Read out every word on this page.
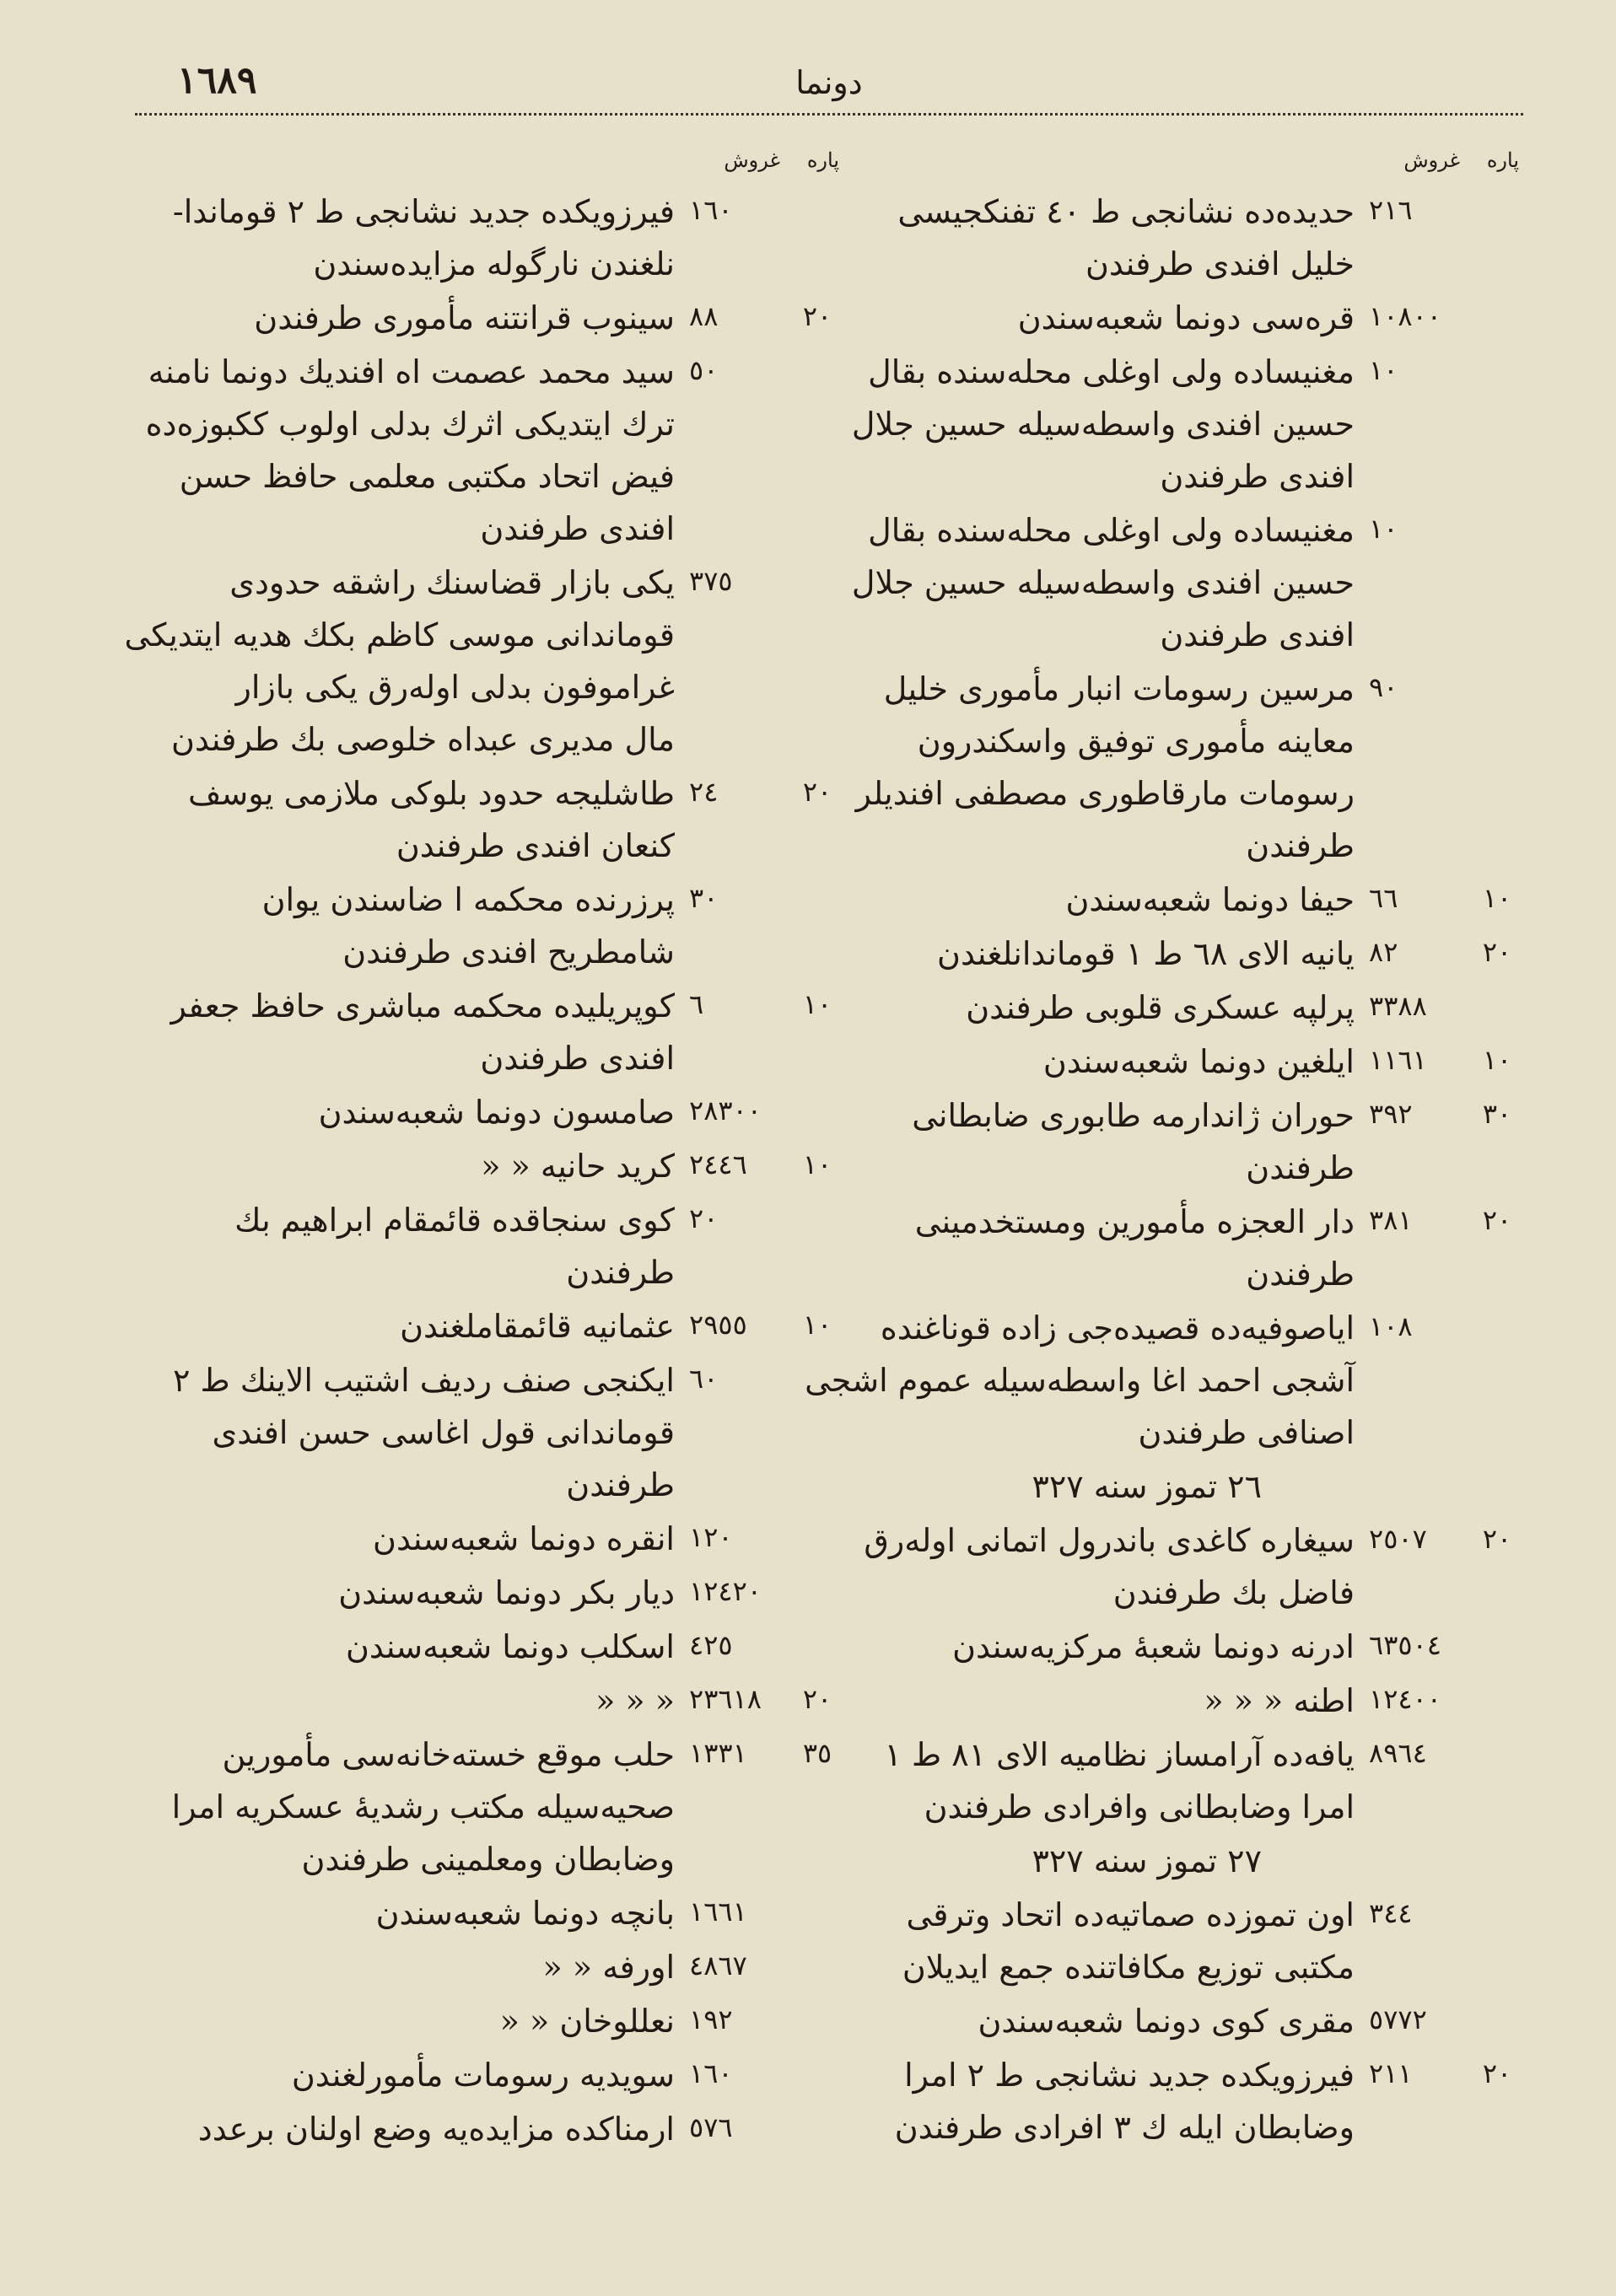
١٦٨٩	دونما
پاره
غروش
٢١٦
حديده‌ده نشانجى ط ٤٠ تفنكجيسى
خليل افندى طرفندن
١٠٨٠٠
قره‌سى دونما شعبه‌سندن
١٠
مغنيساده ولى اوغلى محله‌سنده بقال
حسين افندى واسطه‌سيله حسين جلال
افندى طرفندن
١٠
مغنيساده ولى اوغلى محله‌سنده بقال
حسين افندى واسطه‌سيله حسين جلال
افندى طرفندن
٩٠
مرسين رسومات انبار مأمورى خليل
معاينه مأمورى توفيق واسكندرون
رسومات مارقاطورى مصطفى افنديلر
طرفندن
١٠
٦٦
حيفا دونما شعبه‌سندن
٢٠
٨٢
يانيه الاى ٦٨ ط ١ قوماندانلغندن
٣٣٨٨
پرلپه عسكرى قلوبى طرفندن
١٠
١١٦١
ايلغين دونما شعبه‌سندن
٣٠
٣٩٢
حوران ژاندارمه طابورى ضابطانى
طرفندن
٢٠
٣٨١
دار العجزه مأمورين ومستخدمينى
طرفندن
١٠٨
اياصوفيه‌ده قصيده‌جى زاده قوناغنده
آشجى احمد اغا واسطه‌سيله عموم اشجى
اصنافى طرفندن
٢٦ تموز سنه ٣٢٧
٢٠
٢٥٠٧
سيغاره كاغدى باندرول اتمانى اوله‌رق
فاضل بك طرفندن
٦٣٥٠٤
ادرنه دونما شعبهٔ مركزيه‌سندن
١٢٤٠٠
اطنه « « «
٨٩٦٤
يافه‌ده آرامساز نظاميه الاى ٨١ ط ١
امرا وضابطانى وافرادى طرفندن
٢٧ تموز سنه ٣٢٧
٣٤٤
اون تموزده صماتيه‌ده اتحاد وترقى
مكتبى توزيع مكافاتنده جمع ايديلان
٥٧٧٢
مقرى كوى دونما شعبه‌سندن
٢٠
٢١١
فيرزويكده جديد نشانجى ط ٢ امرا
وضابطان ايله ك ٣ افرادى طرفندن
پاره
غروش
١٦٠
فيرزويكده جديد نشانجى ط ٢ قوماندا-
نلغندن نارگوله مزايده‌سندن
٢٠
٨٨
سينوب قرانتنه مأمورى طرفندن
٥٠
سيد محمد عصمت اه افنديك دونما نامنه
ترك ايتديكى اثرك بدلى اولوب ككبوزه‌ده
فيض اتحاد مكتبى معلمى حافظ حسن
افندى طرفندن
٣٧٥
يكى بازار قضاسنك راشقه حدودى
قوماندانى موسى كاظم بكك هديه ايتديكى
غراموفون بدلى اوله‌رق يكى بازار
مال مديرى عبداه خلوصى بك طرفندن
٢٠
٢٤
طاشليجه حدود بلوكى ملازمى يوسف
كنعان افندى طرفندن
٣٠
پرزرنده محكمه ا ضاسندن يوان
شامطريح افندى طرفندن
١٠
٦
كوپريليده محكمه مباشرى حافظ جعفر
افندى طرفندن
٢٨٣٠٠
صامسون دونما شعبه‌سندن
١٠
٢٤٤٦
كريد حانيه « «
٢٠
كوى سنجاقده قائمقام ابراهيم بك
طرفندن
١٠
٢٩٥٥
عثمانيه قائمقاملغندن
٦٠
ايكنجى صنف رديف اشتيب الاينك ط ٢
قوماندانى قول اغاسى حسن افندى
طرفندن
١٢٠
انقره دونما شعبه‌سندن
١٢٤٢٠
ديار بكر دونما شعبه‌سندن
٤٢٥
اسكلب دونما شعبه‌سندن
٢٠
٢٣٦١٨
« « «
٣٥
١٣٣١
حلب موقع خسته‌خانه‌سى مأمورين
صحيه‌سيله مكتب رشديهٔ عسكريه امرا
وضابطان ومعلمينى طرفندن
١٦٦١
بانچه دونما شعبه‌سندن
٤٨٦٧
اورفه « «
١٩٢
نعللوخان « «
١٦٠
سويديه رسومات مأمورلغندن
٥٧٦
ارمناكده مزايده‌يه وضع اولنان برعدد
